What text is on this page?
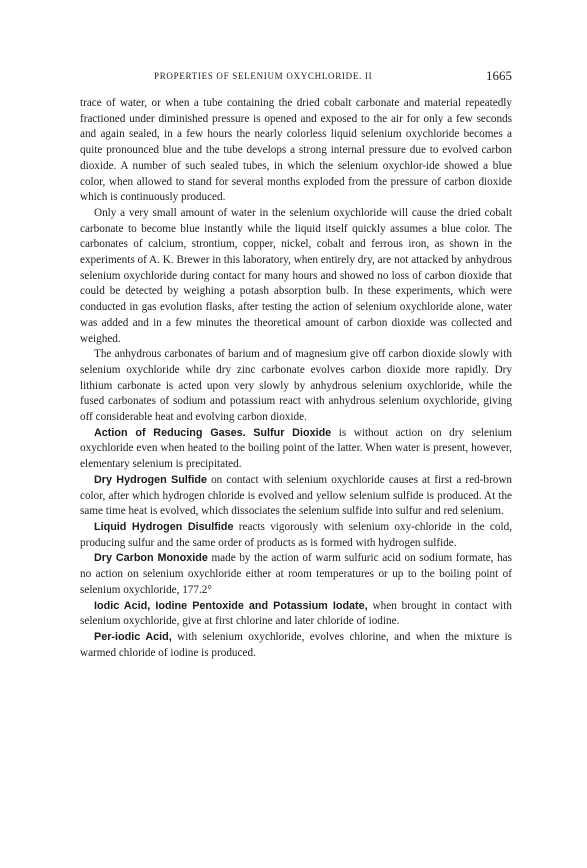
PROPERTIES OF SELENIUM OXYCHLORIDE. II	1665

trace of water, or when a tube containing the dried cobalt carbonate and material repeatedly fractioned under diminished pressure is opened and exposed to the air for only a few seconds and again sealed, in a few hours the nearly colorless liquid selenium oxychloride becomes a quite pronounced blue and the tube develops a strong internal pressure due to evolved carbon dioxide. A number of such sealed tubes, in which the selenium oxychlor-ide showed a blue color, when allowed to stand for several months exploded from the pressure of carbon dioxide which is continuously produced.

Only a very small amount of water in the selenium oxychloride will cause the dried cobalt carbonate to become blue instantly while the liquid itself quickly assumes a blue color. The carbonates of calcium, strontium, copper, nickel, cobalt and ferrous iron, as shown in the experiments of A. K. Brewer in this laboratory, when entirely dry, are not attacked by anhydrous selenium oxychloride during contact for many hours and showed no loss of carbon dioxide that could be detected by weighing a potash absorption bulb. In these experiments, which were conducted in gas evolution flasks, after testing the action of selenium oxychloride alone, water was added and in a few minutes the theoretical amount of carbon dioxide was collected and weighed.

The anhydrous carbonates of barium and of magnesium give off carbon dioxide slowly with selenium oxychloride while dry zinc carbonate evolves carbon dioxide more rapidly. Dry lithium carbonate is acted upon very slowly by anhydrous selenium oxychloride, while the fused carbonates of sodium and potassium react with anhydrous selenium oxychloride, giving off considerable heat and evolving carbon dioxide.

Action of Reducing Gases. Sulfur Dioxide is without action on dry selenium oxychloride even when heated to the boiling point of the latter. When water is present, however, elementary selenium is precipitated.

Dry Hydrogen Sulfide on contact with selenium oxychloride causes at first a red-brown color, after which hydrogen chloride is evolved and yellow selenium sulfide is produced. At the same time heat is evolved, which dissociates the selenium sulfide into sulfur and red selenium.

Liquid Hydrogen Disulfide reacts vigorously with selenium oxy-chloride in the cold, producing sulfur and the same order of products as is formed with hydrogen sulfide.

Dry Carbon Monoxide made by the action of warm sulfuric acid on sodium formate, has no action on selenium oxychloride either at room temperatures or up to the boiling point of selenium oxychloride, 177.2°

Iodic Acid, Iodine Pentoxide and Potassium Iodate, when brought in contact with selenium oxychloride, give at first chlorine and later chloride of iodine.

Per-iodic Acid, with selenium oxychloride, evolves chlorine, and when the mixture is warmed chloride of iodine is produced.
